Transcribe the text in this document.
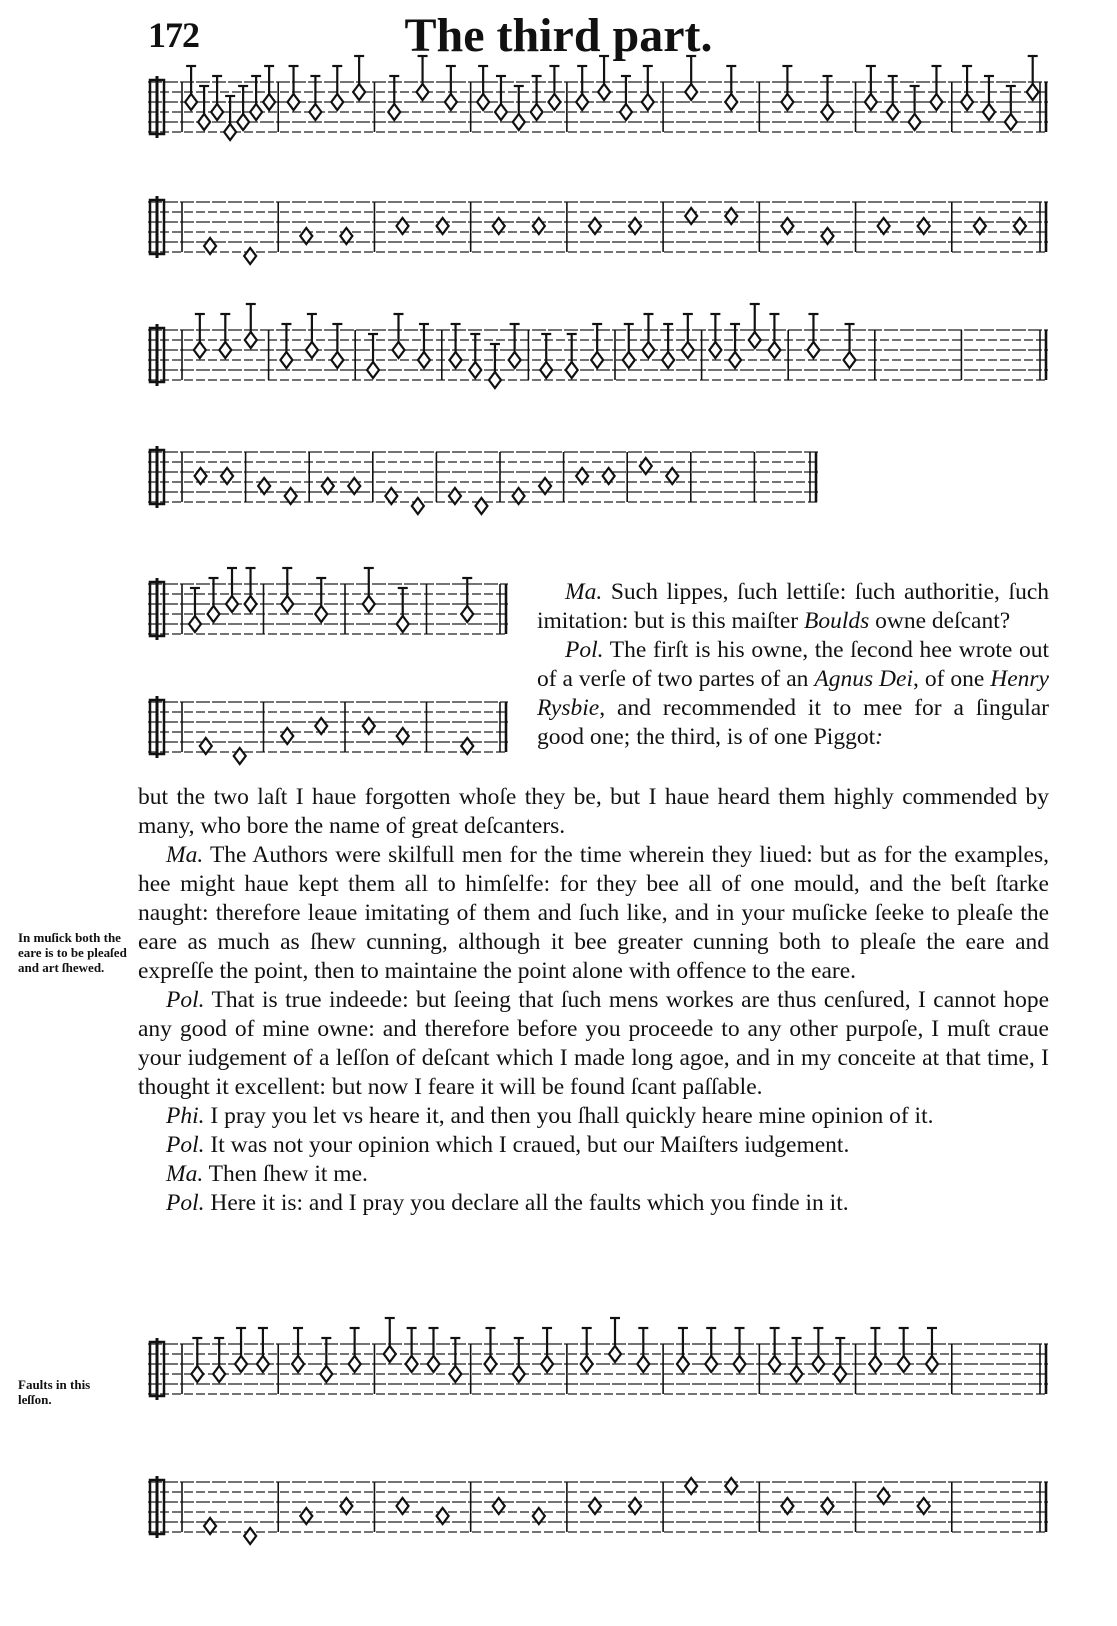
172	The third part.

Ma. Such lippes, ſuch lettiſe: ſuch authoritie, ſuch imitation: but is this maiſter Boulds owne deſcant?

Pol. The firſt is his owne, the ſecond hee wrote out of a verſe of two partes of an Agnus Dei, of one Henry Rysbie, and recommended it to mee for a ſingular good one; the third, is of one Piggot:

but the two laſt I haue forgotten whoſe they be, but I haue heard them highly commended by many, who bore the name of great deſcanters.

Ma. The Authors were skilfull men for the time wherein they liued: but as for the examples, hee might haue kept them all to himſelfe: for they bee all of one mould, and the beſt ſtarke naught: therefore leaue imitating of them and ſuch like, and in your muſicke ſeeke to pleaſe the eare as much as ſhew cunning, although it bee greater cunning both to pleaſe the eare and expreſſe the point, then to maintaine the point alone with offence to the eare.

Pol. That is true indeede: but ſeeing that ſuch mens workes are thus cenſured, I cannot hope any good of mine owne: and therefore before you proceede to any other purpoſe, I muſt craue your iudgement of a leſſon of deſcant which I made long agoe, and in my conceite at that time, I thought it excellent: but now I feare it will be found ſcant paſſable.

Phi. I pray you let vs heare it, and then you ſhall quickly heare mine opinion of it.

Pol. It was not your opinion which I craued, but our Maiſters iudgement.

Ma. Then ſhew it me.

Pol. Here it is: and I pray you declare all the faults which you finde in it.

In muſick both the eare is to be pleaſed and art ſhewed.
Faults in this leſſon.
